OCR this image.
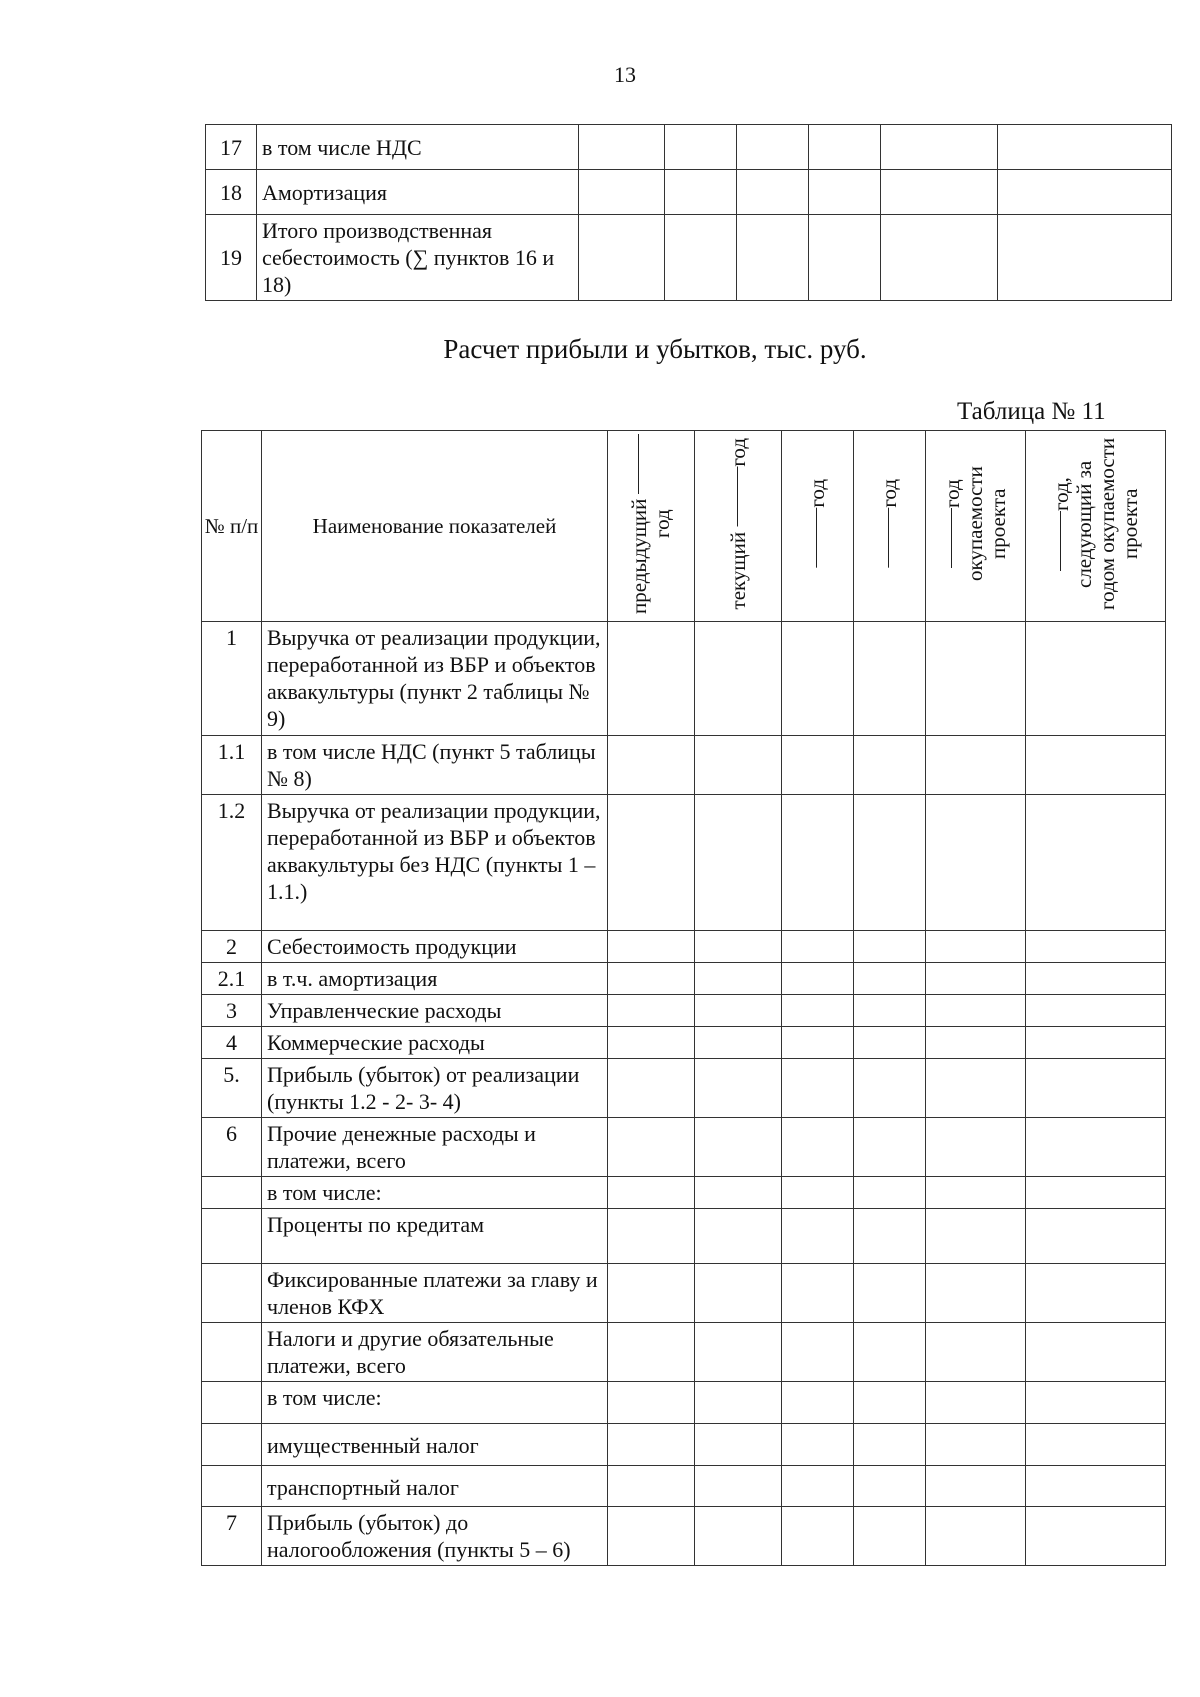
13
17	в том числе НДС						
18	Амортизация						
19	Итого производственная себестоимость (∑ пунктов 16 и 18)						
Расчет прибыли и убытков, тыс. руб.
Таблица № 11
№ п/п	Наименование показателей	предыдущий год	текущий год	год	год	год окупаемости проекта	год, следующий за годом окупаемости проекта
1	Выручка от реализации продукции, переработанной из ВБР и объектов аквакультуры (пункт 2 таблицы № 9)						
1.1	в том числе НДС (пункт 5 таблицы № 8)						
1.2	Выручка от реализации продукции, переработанной из ВБР и объектов аквакультуры без НДС (пункты 1 – 1.1.)						
2	Себестоимость продукции						
2.1	в т.ч. амортизация						
3	Управленческие расходы						
4	Коммерческие расходы						
5.	Прибыль (убыток) от реализации (пункты 1.2 - 2- 3- 4)						
6	Прочие денежные расходы и платежи, всего						
	в том числе:						
	Проценты по кредитам						
	Фиксированные платежи за главу и членов КФХ						
	Налоги и другие обязательные платежи, всего						
	в том числе:						
	имущественный налог						
	транспортный налог						
7	Прибыль (убыток) до налогообложения (пункты 5 – 6)						
